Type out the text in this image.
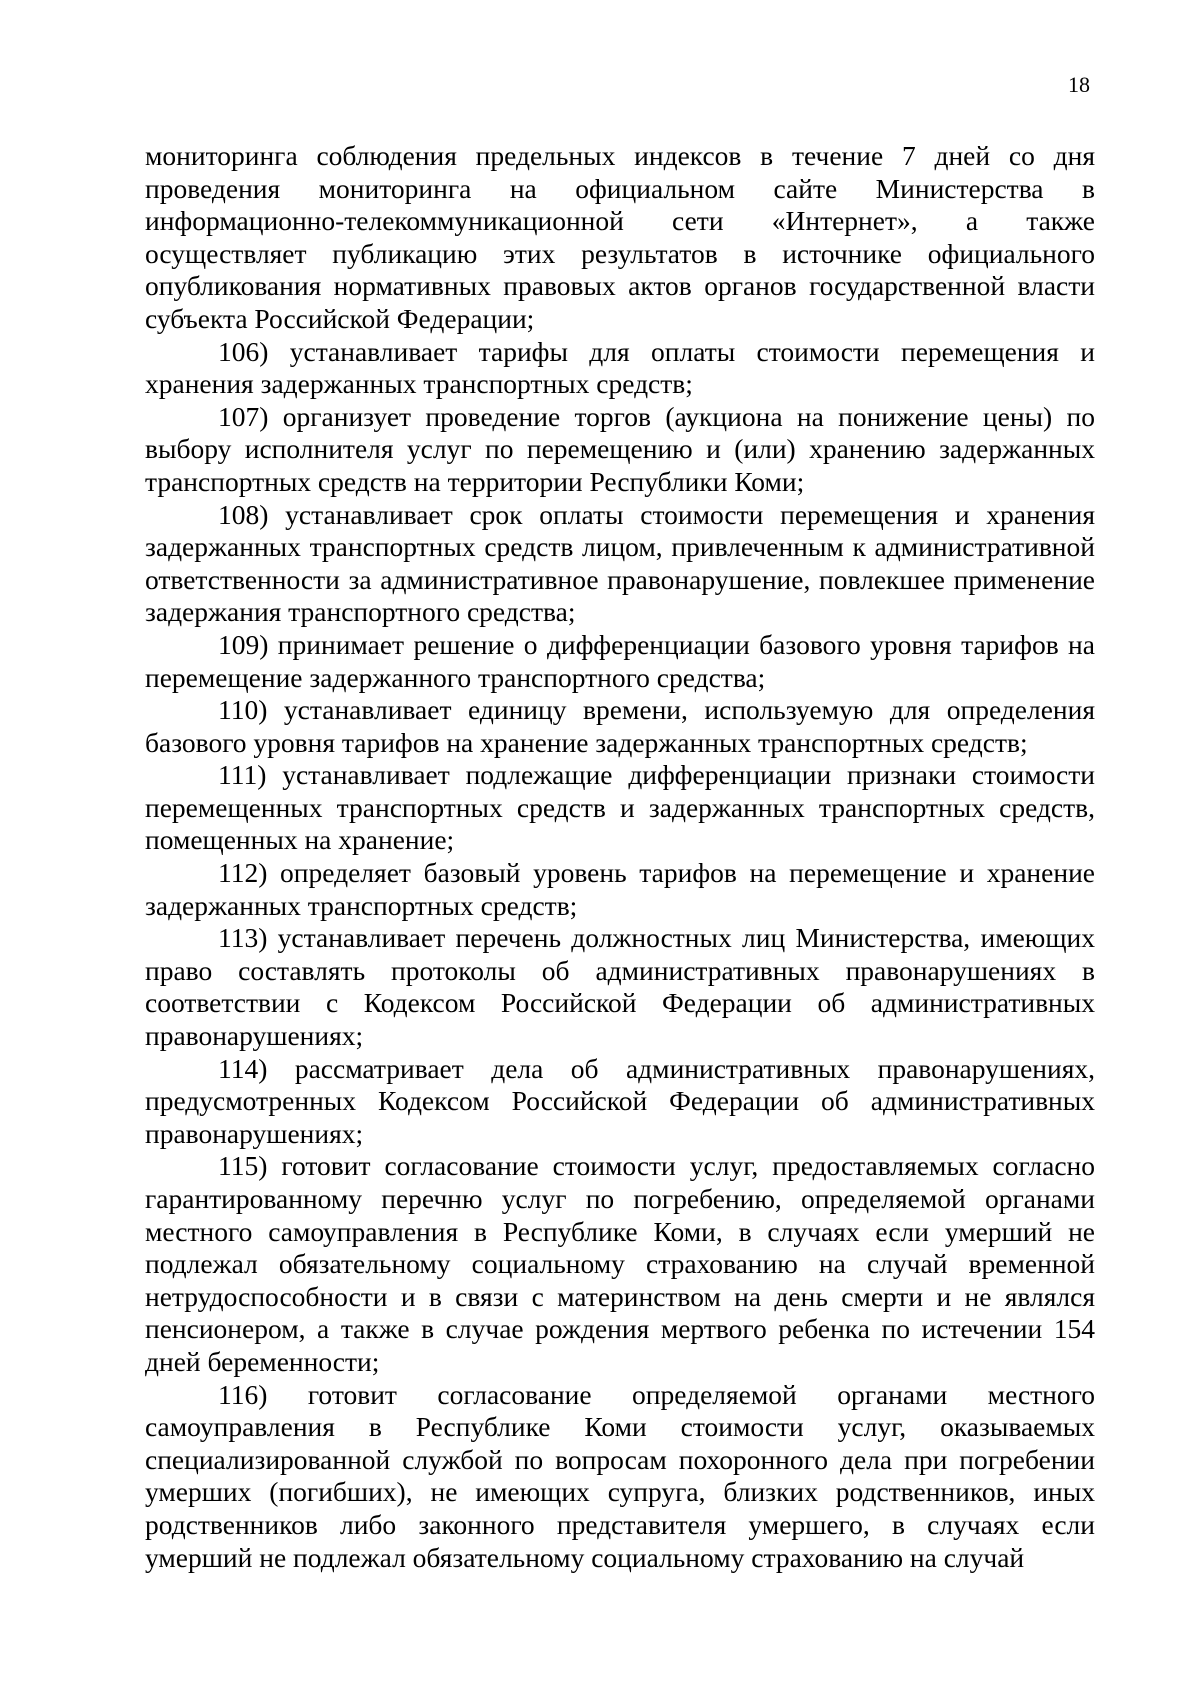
18

мониторинга соблюдения предельных индексов в течение 7 дней со дня проведения мониторинга на официальном сайте Министерства в информационно-телекоммуникационной сети «Интернет», а также осуществляет публикацию этих результатов в источнике официального опубликования нормативных правовых актов органов государственной власти субъекта Российской Федерации;

106) устанавливает тарифы для оплаты стоимости перемещения и хранения задержанных транспортных средств;

107) организует проведение торгов (аукциона на понижение цены) по выбору исполнителя услуг по перемещению и (или) хранению задержанных транспортных средств на территории Республики Коми;

108) устанавливает срок оплаты стоимости перемещения и хранения задержанных транспортных средств лицом, привлеченным к административной ответственности за административное правонарушение, повлекшее применение задержания транспортного средства;

109) принимает решение о дифференциации базового уровня тарифов на перемещение задержанного транспортного средства;

110) устанавливает единицу времени, используемую для определения базового уровня тарифов на хранение задержанных транспортных средств;

111) устанавливает подлежащие дифференциации признаки стоимости перемещенных транспортных средств и задержанных транспортных средств, помещенных на хранение;

112) определяет базовый уровень тарифов на перемещение и хранение задержанных транспортных средств;

113) устанавливает перечень должностных лиц Министерства, имеющих право составлять протоколы об административных правонарушениях в соответствии с Кодексом Российской Федерации об административных правонарушениях;

114) рассматривает дела об административных правонарушениях, предусмотренных Кодексом Российской Федерации об административных правонарушениях;

115) готовит согласование стоимости услуг, предоставляемых согласно гарантированному перечню услуг по погребению, определяемой органами местного самоуправления в Республике Коми, в случаях если умерший не подлежал обязательному социальному страхованию на случай временной нетрудоспособности и в связи с материнством на день смерти и не являлся пенсионером, а также в случае рождения мертвого ребенка по истечении 154 дней беременности;

116) готовит согласование определяемой органами местного самоуправления в Республике Коми стоимости услуг, оказываемых специализированной службой по вопросам похоронного дела при погребении умерших (погибших), не имеющих супруга, близких родственников, иных родственников либо законного представителя умершего, в случаях если умерший не подлежал обязательному социальному страхованию на случай
